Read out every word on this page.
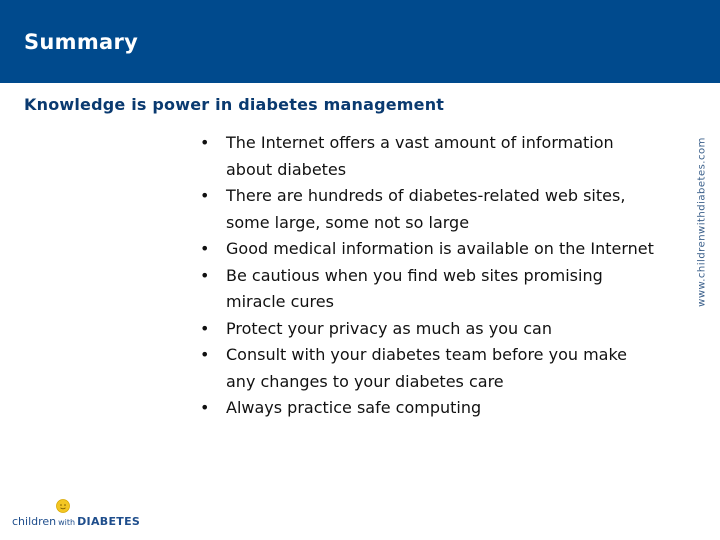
Summary
Knowledge is power in diabetes management
• The Internet offers a vast amount of information about diabetes
• There are hundreds of diabetes-related web sites, some large, some not so large
• Good medical information is available on the Internet
• Be cautious when you find web sites promising miracle cures
• Protect your privacy as much as you can
• Consult with your diabetes team before you make any changes to your diabetes care
• Always practice safe computing
www.childrenwithdiabetes.com
children with DIABETES
